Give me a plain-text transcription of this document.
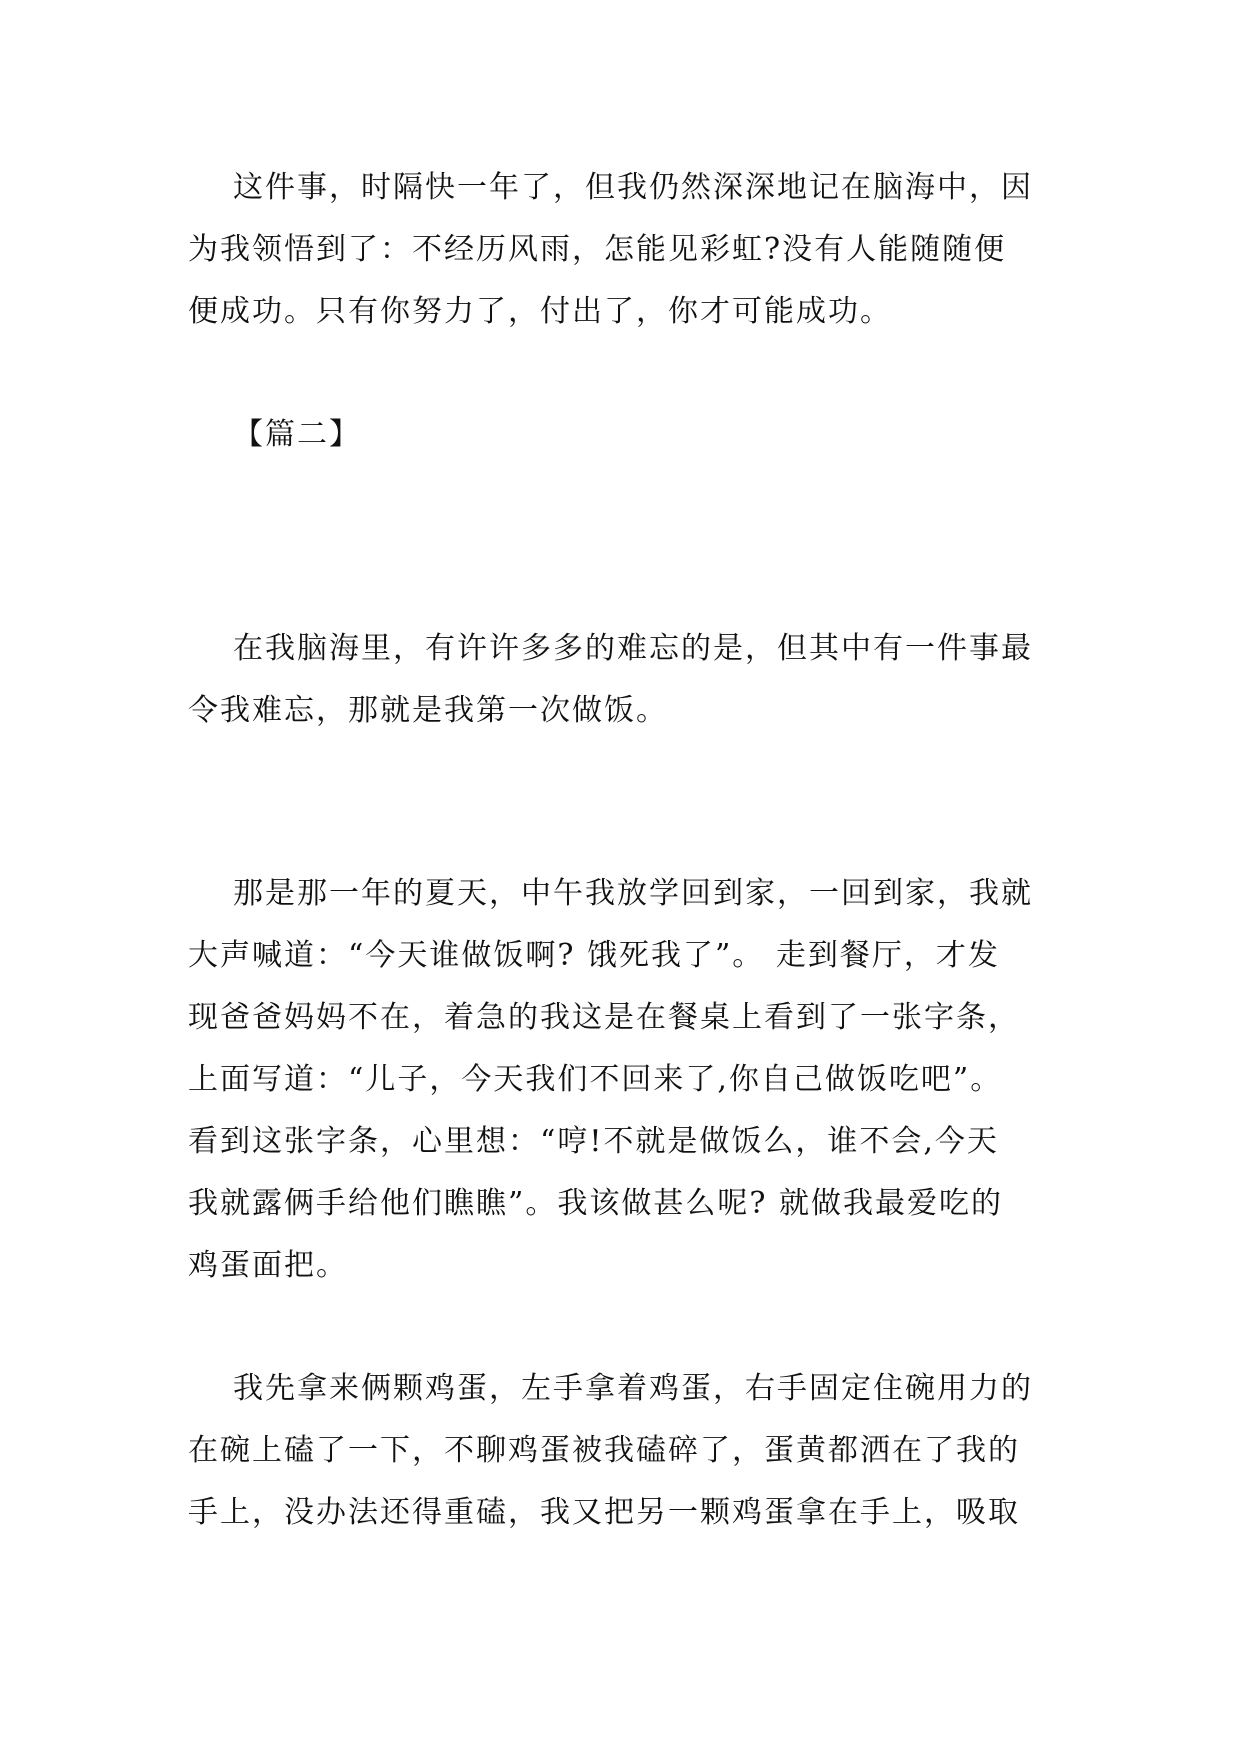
这件事，时隔快一年了，但我仍然深深地记在脑海中，因
为我领悟到了：不经历风雨，怎能见彩虹?没有人能随随便
便成功。只有你努力了，付出了，你才可能成功。
【篇二】
在我脑海里，有许许多多的难忘的是，但其中有一件事最
令我难忘，那就是我第一次做饭。
那是那一年的夏天，中午我放学回到家，一回到家，我就
大声喊道：“今天谁做饭啊? 饿死我了”。 走到餐厅，才发
现爸爸妈妈不在，着急的我这是在餐桌上看到了一张字条，
上面写道：“儿子，今天我们不回来了,你自己做饭吃吧”。
看到这张字条，心里想：“哼!不就是做饭么，谁不会,今天
我就露俩手给他们瞧瞧”。我该做甚么呢? 就做我最爱吃的
鸡蛋面把。
我先拿来俩颗鸡蛋，左手拿着鸡蛋，右手固定住碗用力的
在碗上磕了一下，不聊鸡蛋被我磕碎了，蛋黄都洒在了我的
手上，没办法还得重磕，我又把另一颗鸡蛋拿在手上，吸取
